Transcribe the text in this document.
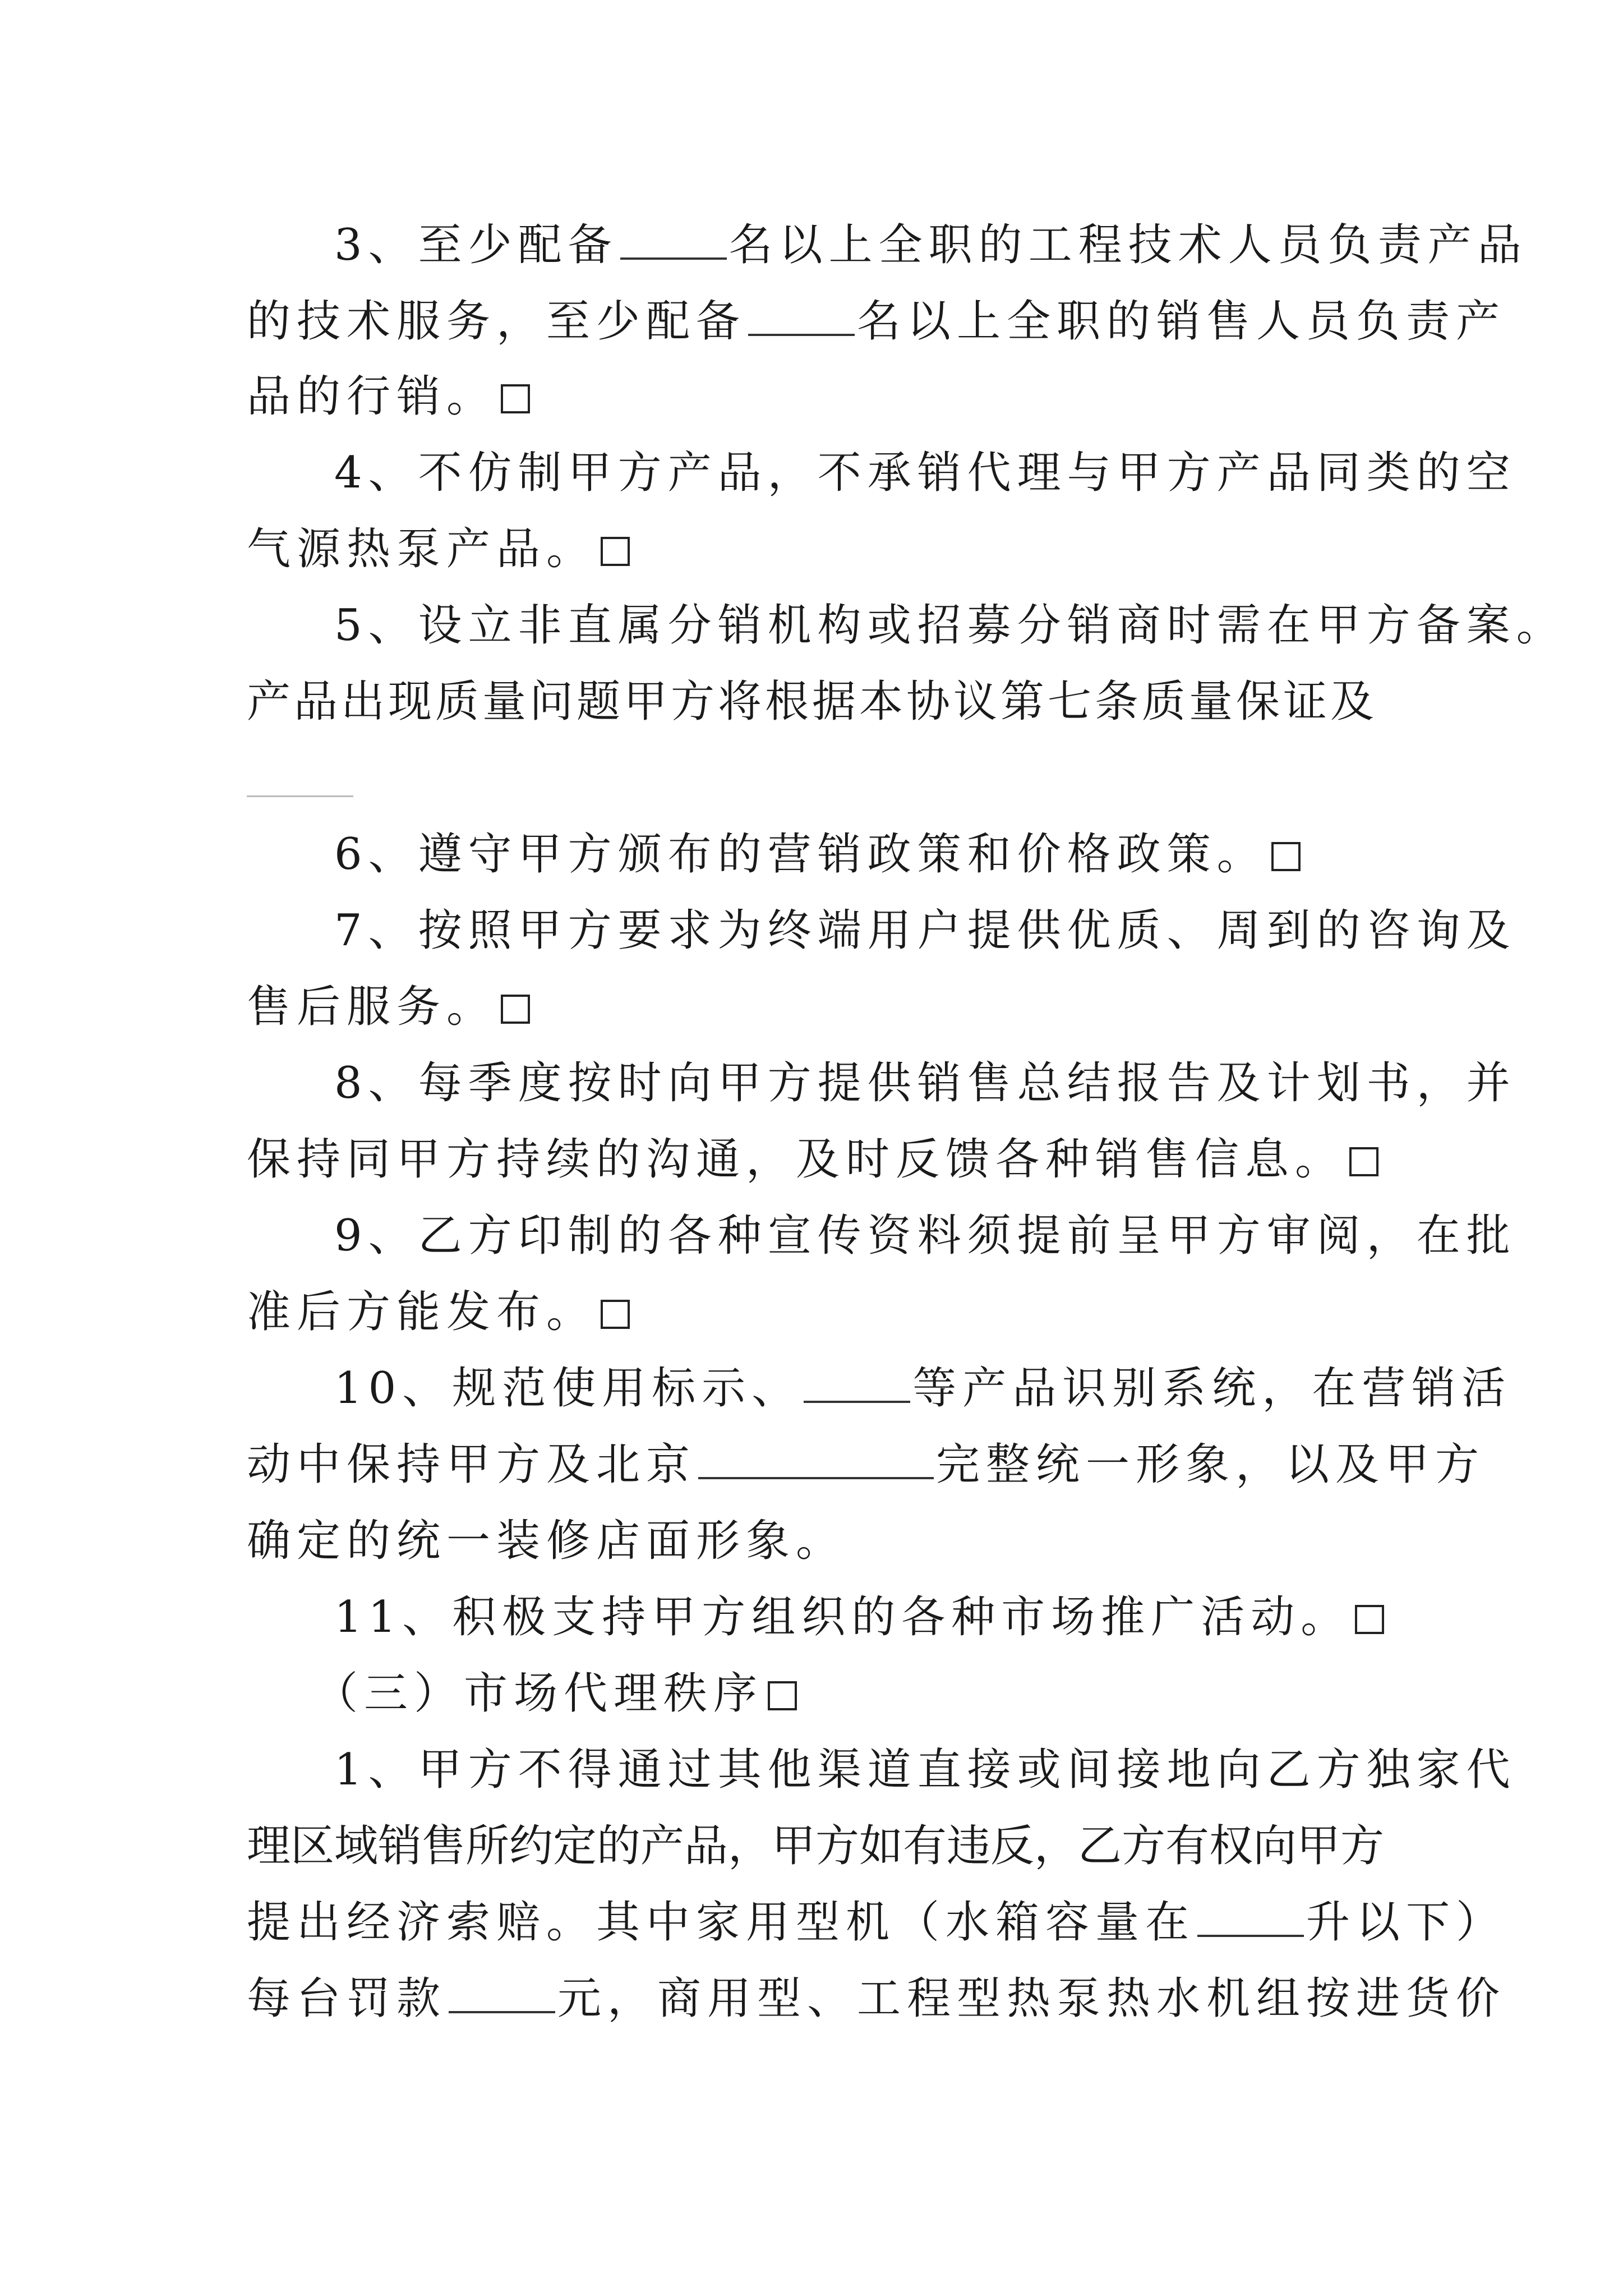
3、至少配备	名以上全职的工程技术人员负责产品
的技术服务，至少配备	名以上全职的销售人员负责产
品的行销。
4、不仿制甲方产品，不承销代理与甲方产品同类的空
气源热泵产品。
5、设立非直属分销机构或招募分销商时需在甲方备案。
产品出现质量问题甲方将根据本协议第七条质量保证及
6、遵守甲方颁布的营销政策和价格政策。
7、按照甲方要求为终端用户提供优质、周到的咨询及
售后服务。
8、每季度按时向甲方提供销售总结报告及计划书，并
保持同甲方持续的沟通，及时反馈各种销售信息。
9、乙方印制的各种宣传资料须提前呈甲方审阅，在批
准后方能发布。
10、规范使用标示、	等产品识别系统，在营销活
动中保持甲方及北京	完整统一形象，以及甲方
确定的统一装修店面形象。
11、积极支持甲方组织的各种市场推广活动。
（三）市场代理秩序
1、甲方不得通过其他渠道直接或间接地向乙方独家代
理区域销售所约定的产品，甲方如有违反，乙方有权向甲方
提出经济索赔。其中家用型机（水箱容量在	升以下）
每台罚款	元，商用型、工程型热泵热水机组按进货价
